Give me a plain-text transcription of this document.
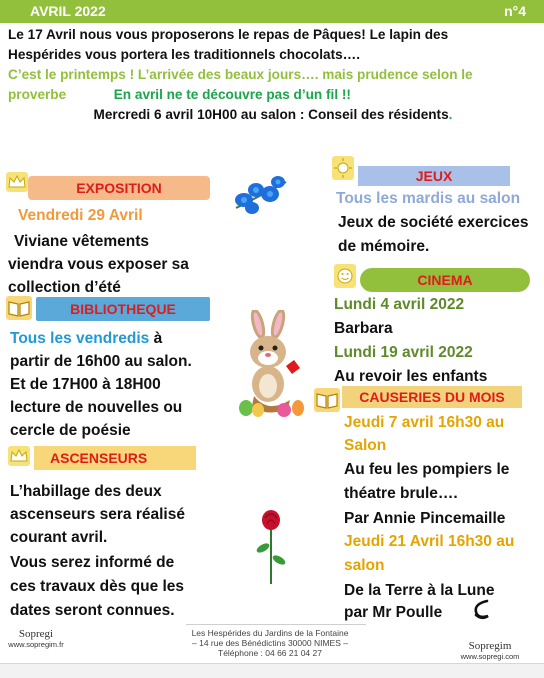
AVRIL 2022	n°4
Le 17 Avril nous vous proposerons le repas de Pâques! Le lapin des
Hespérides vous portera les traditionnels chocolats….
C’est le printemps ! L’arrivée des beaux jours…. mais prudence selon le
proverbe	En avril ne te découvre pas d’un fil !!
Mercredi 6 avril 10H00 au salon : Conseil des résidents.
EXPOSITION
Vendredi 29 Avril
Viviane vêtements
viendra vous exposer sa
collection d’été
BIBLIOTHEQUE
Tous les vendredis à
partir de 16h00 au salon.
Et de 17H00 à 18H00
lecture de nouvelles ou
cercle de poésie
ASCENSEURS
L’habillage des deux
ascenseurs sera réalisé
courant avril.
Vous serez informé de
ces travaux dès que les
dates seront connues.
JEUX
Tous les mardis au salon
Jeux de société exercices
de mémoire.
CINEMA
Lundi 4 avril 2022
Barbara
Lundi 19 avril 2022
Au revoir les enfants
CAUSERIES DU MOIS
Jeudi 7 avril 16h30 au
Salon
Au feu les pompiers le
théatre brule….
Par Annie Pincemaille
Jeudi 21 Avril 16h30 au
salon
De la Terre à la Lune
par Mr Poulle
Sopregi
www.sopregim.fr
Les Hespérides du Jardins de la Fontaine
– 14 rue des Bénédictins 30000 NIMES –
Téléphone : 04 66 21 04 27
Sopregim
www.sopregi.com
